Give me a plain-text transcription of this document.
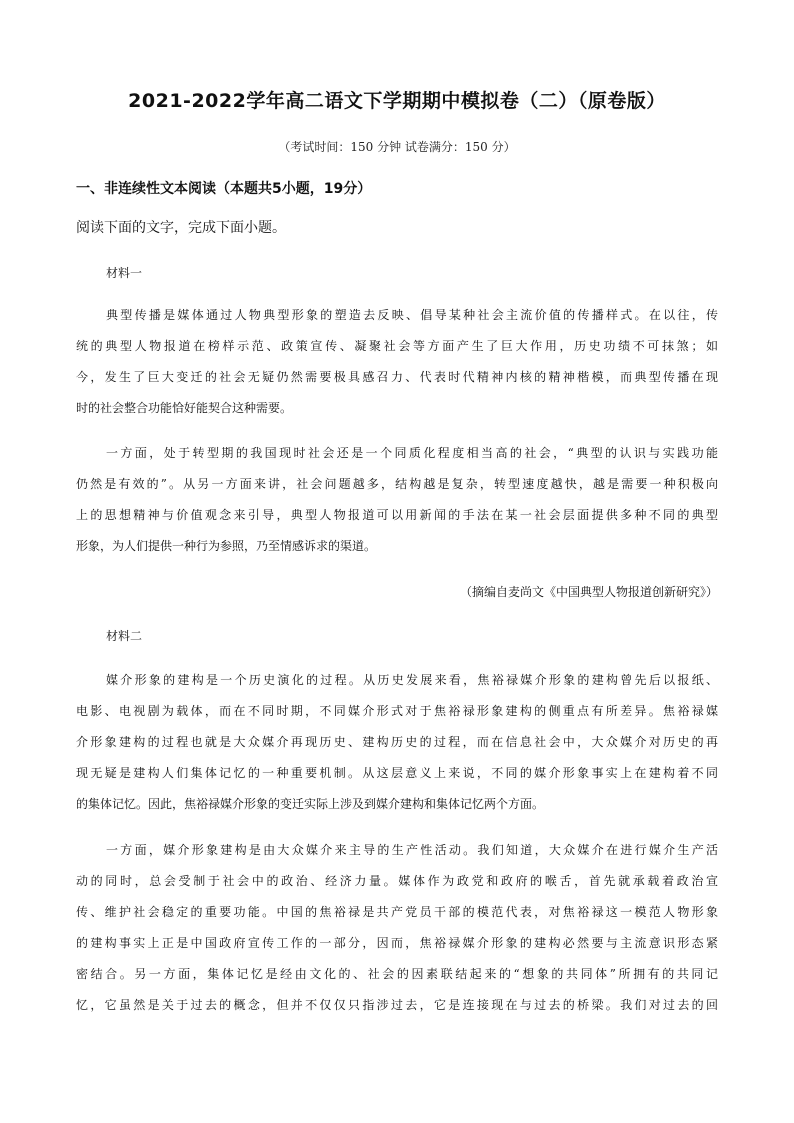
2021-2022学年高二语文下学期期中模拟卷（二）（原卷版）
（考试时间：150 分钟 试卷满分：150 分）
一、非连续性文本阅读（本题共5小题，19分）
阅读下面的文字，完成下面小题。
材料一
典型传播是媒体通过人物典型形象的塑造去反映、倡导某种社会主流价值的传播样式。在以往，传
统的典型人物报道在榜样示范、政策宣传、凝聚社会等方面产生了巨大作用，历史功绩不可抹煞；如
今，发生了巨大变迁的社会无疑仍然需要极具感召力、代表时代精神内核的精神楷模，而典型传播在现
时的社会整合功能恰好能契合这种需要。
一方面，处于转型期的我国现时社会还是一个同质化程度相当高的社会，“典型的认识与实践功能
仍然是有效的”。从另一方面来讲，社会问题越多，结构越是复杂，转型速度越快，越是需要一种积极向
上的思想精神与价值观念来引导，典型人物报道可以用新闻的手法在某一社会层面提供多种不同的典型
形象，为人们提供一种行为参照，乃至情感诉求的渠道。
（摘编自麦尚文《中国典型人物报道创新研究》）
材料二
媒介形象的建构是一个历史演化的过程。从历史发展来看，焦裕禄媒介形象的建构曾先后以报纸、
电影、电视剧为载体，而在不同时期，不同媒介形式对于焦裕禄形象建构的侧重点有所差异。焦裕禄媒
介形象建构的过程也就是大众媒介再现历史、建构历史的过程，而在信息社会中，大众媒介对历史的再
现无疑是建构人们集体记忆的一种重要机制。从这层意义上来说，不同的媒介形象事实上在建构着不同
的集体记忆。因此，焦裕禄媒介形象的变迁实际上涉及到媒介建构和集体记忆两个方面。
一方面，媒介形象建构是由大众媒介来主导的生产性活动。我们知道，大众媒介在进行媒介生产活
动的同时，总会受制于社会中的政治、经济力量。媒体作为政党和政府的喉舌，首先就承载着政治宣
传、维护社会稳定的重要功能。中国的焦裕禄是共产党员干部的模范代表，对焦裕禄这一模范人物形象
的建构事实上正是中国政府宣传工作的一部分，因而，焦裕禄媒介形象的建构必然要与主流意识形态紧
密结合。另一方面，集体记忆是经由文化的、社会的因素联结起来的“想象的共同体”所拥有的共同记
忆，它虽然是关于过去的概念，但并不仅仅只指涉过去，它是连接现在与过去的桥梁。我们对过去的回
